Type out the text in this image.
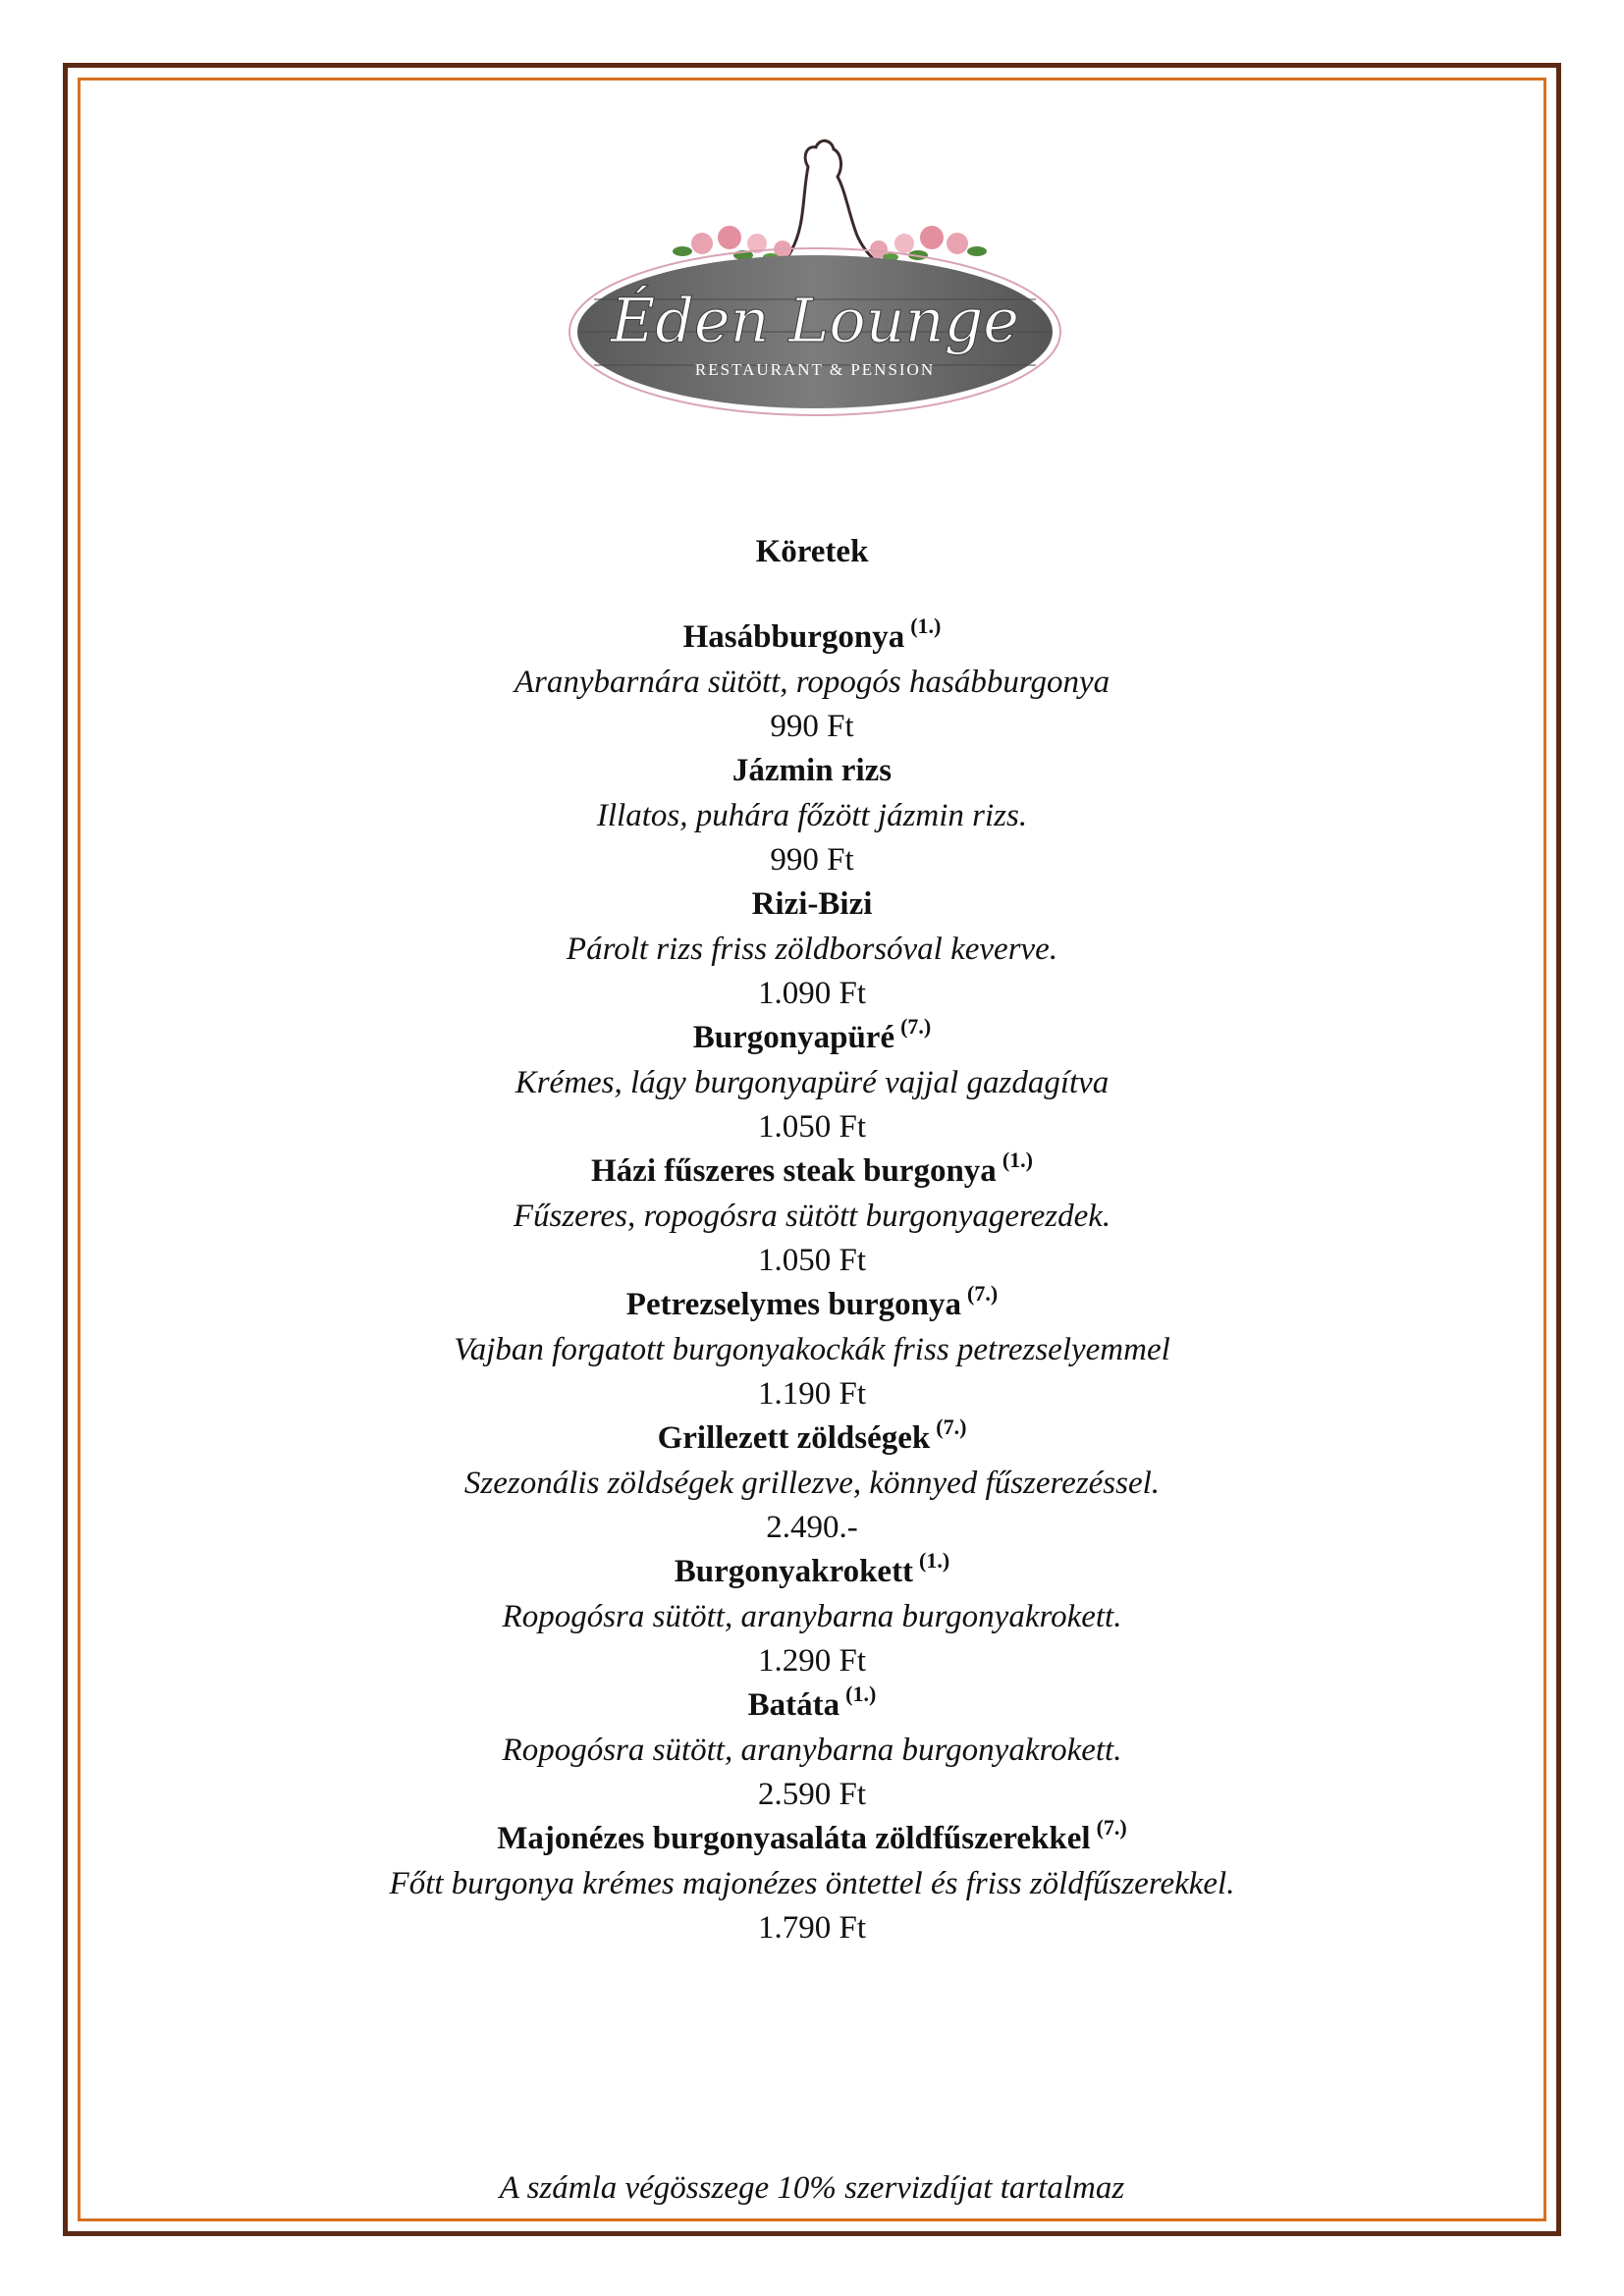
Éden Lounge
RESTAURANT & PENSION
Köretek
Hasábburgonya $^{(1.)}$
Aranybarnára sütött, ropogós hasábburgonya
990 Ft
Jázmin rizs
Illatos, puhára főzött jázmin rizs.
990 Ft
Rizi-Bizi
Párolt rizs friss zöldborsóval keverve.
1.090 Ft
Burgonyapüré $^{(7.)}$
Krémes, lágy burgonyapüré vajjal gazdagítva
1.050 Ft
Házi fűszeres steak burgonya $^{(1.)}$
Fűszeres, ropogósra sütött burgonyagerezdek.
1.050 Ft
Petrezselymes burgonya $^{(7.)}$
Vajban forgatott burgonyakockák friss petrezselyemmel
1.190 Ft
Grillezett zöldségek $^{(7.)}$
Szezonális zöldségek grillezve, könnyed fűszerezéssel.
2.490.-
Burgonyakrokett $^{(1.)}$
Ropogósra sütött, aranybarna burgonyakrokett.
1.290 Ft
Batáta $^{(1.)}$
Ropogósra sütött, aranybarna burgonyakrokett.
2.590 Ft
Majonézes burgonyasaláta zöldfűszerekkel $^{(7.)}$
Főtt burgonya krémes majonézes öntettel és friss zöldfűszerekkel.
1.790 Ft
A számla végösszege 10% szervizdíjat tartalmaz
